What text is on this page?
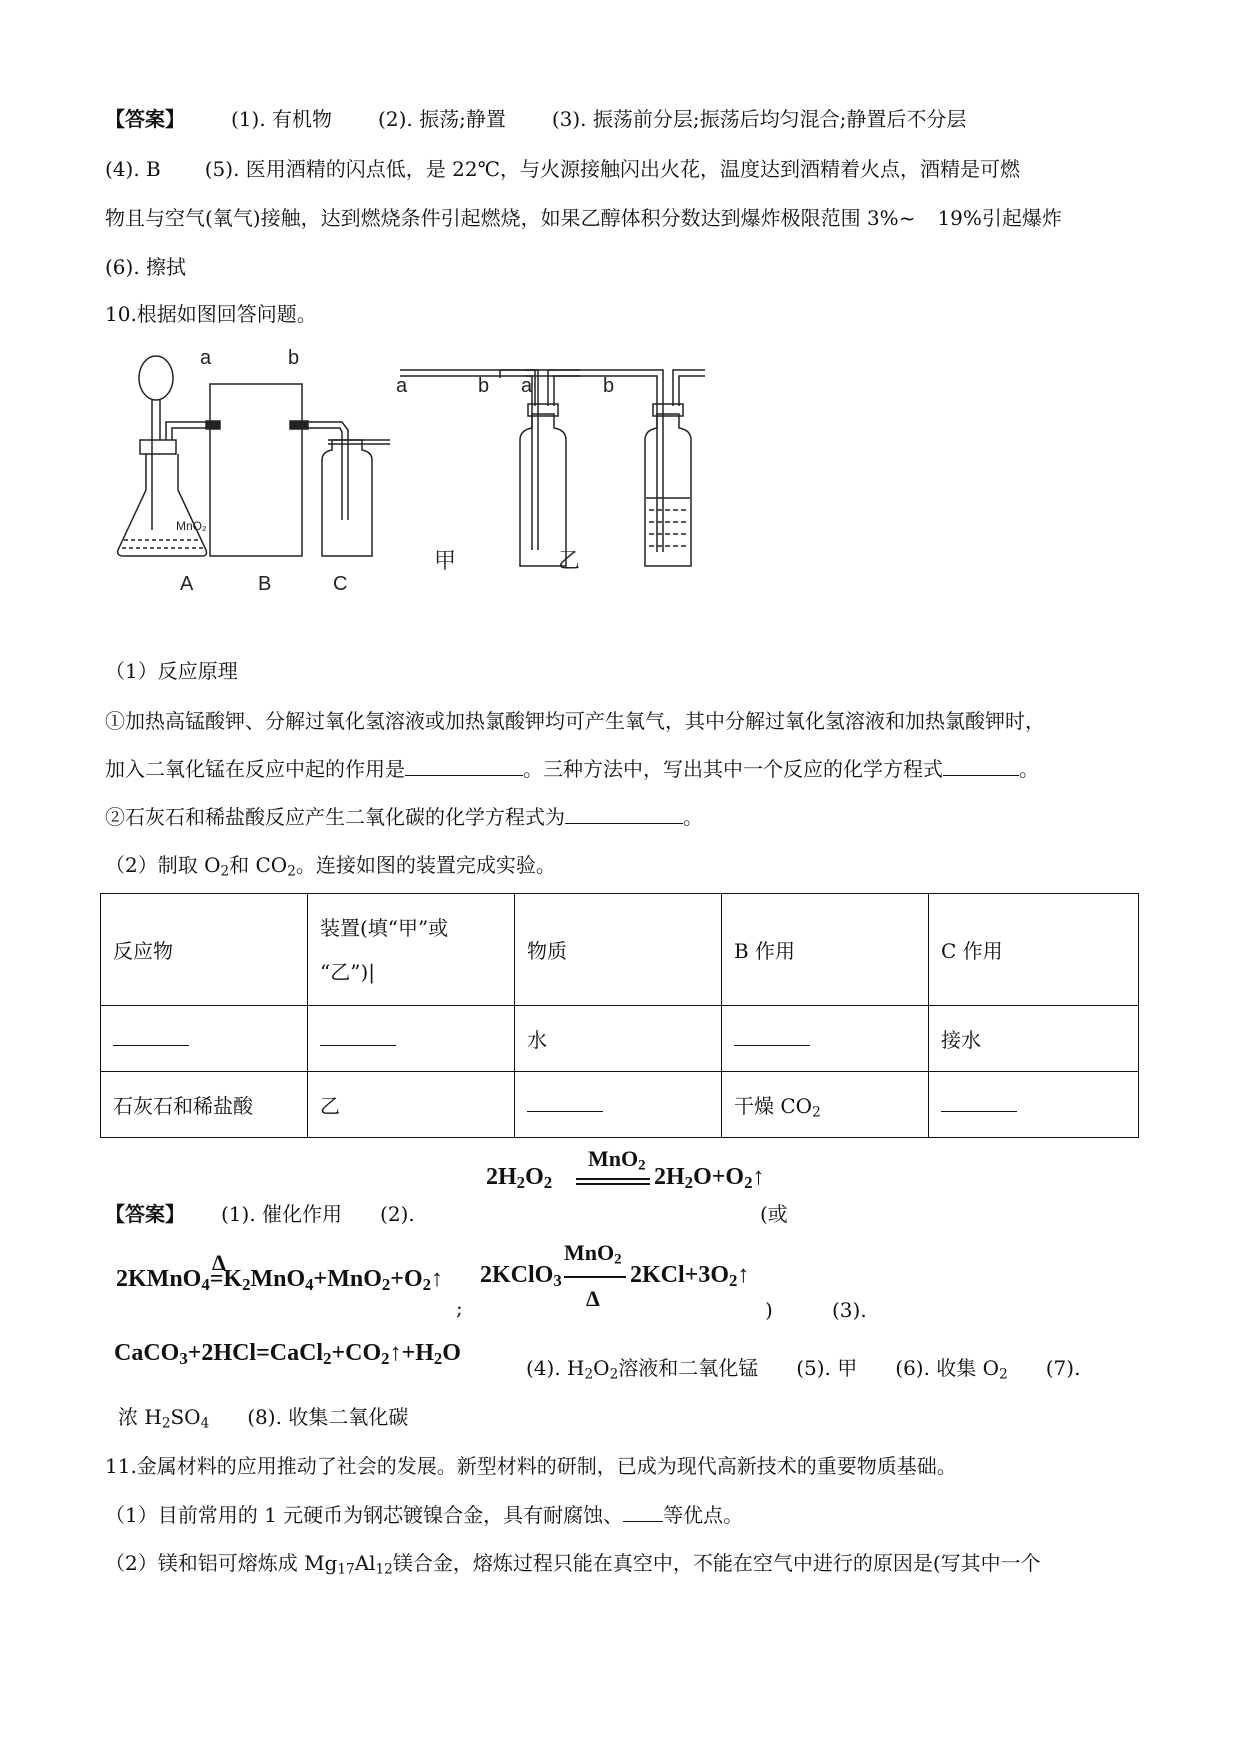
【答案】 (1). 有机物 (2). 振荡;静置 (3). 振荡前分层;振荡后均匀混合;静置后不分层
(4). B (5). 医用酒精的闪点低，是 22℃，与火源接触闪出火花，温度达到酒精着火点，酒精是可燃
物且与空气(氧气)接触，达到燃烧条件引起燃烧，如果乙醇体积分数达到爆炸极限范围 3%~ 19%引起爆炸
(6). 擦拭
10.根据如图回答问题。
MnO₂
A	B	C
a	b
a	b a	b
甲	乙
（1）反应原理
①加热高锰酸钾、分解过氧化氢溶液或加热氯酸钾均可产生氧气，其中分解过氧化氢溶液和加热氯酸钾时，
加入二氧化锰在反应中起的作用是	。三种方法中，写出其中一个反应的化学方程式	。
②石灰石和稀盐酸反应产生二氧化碳的化学方程式为	。
（2）制取 $O_2$和 $CO_2$。连接如图的装置完成实验。
反应物	装置(填“甲”或
“乙”)|	物质	B 作用	C 作用
		水		接水
石灰石和稀盐酸	乙		干燥 $CO_2$	
MnO$_2$
$2H_2O_2$	$2H_2O+O_2↑$
【答案】 (1). 催化作用 (2).	(或
Δ
$2KMnO_4=K_2MnO_4+MnO_2+O_2↑$
;
MnO$_2$
2KClO$_3$
Δ
$2KCl+3O_2↑$
)	(3).
$CaCO_3+2HCl=CaCl_2+CO_2↑+H_2O$
(4). $H_2O_2$溶液和二氧化锰 (5). 甲 (6). 收集 $O_2$ (7).
浓 $H_2SO_4$ (8). 收集二氧化碳
11.金属材料的应用推动了社会的发展。新型材料的研制，已成为现代高新技术的重要物质基础。
（1）目前常用的 1 元硬币为钢芯镀镍合金，具有耐腐蚀、 等优点。
（2）镁和铝可熔炼成 $Mg_{17}Al_{12}$镁合金，熔炼过程只能在真空中，不能在空气中进行的原因是(写其中一个
